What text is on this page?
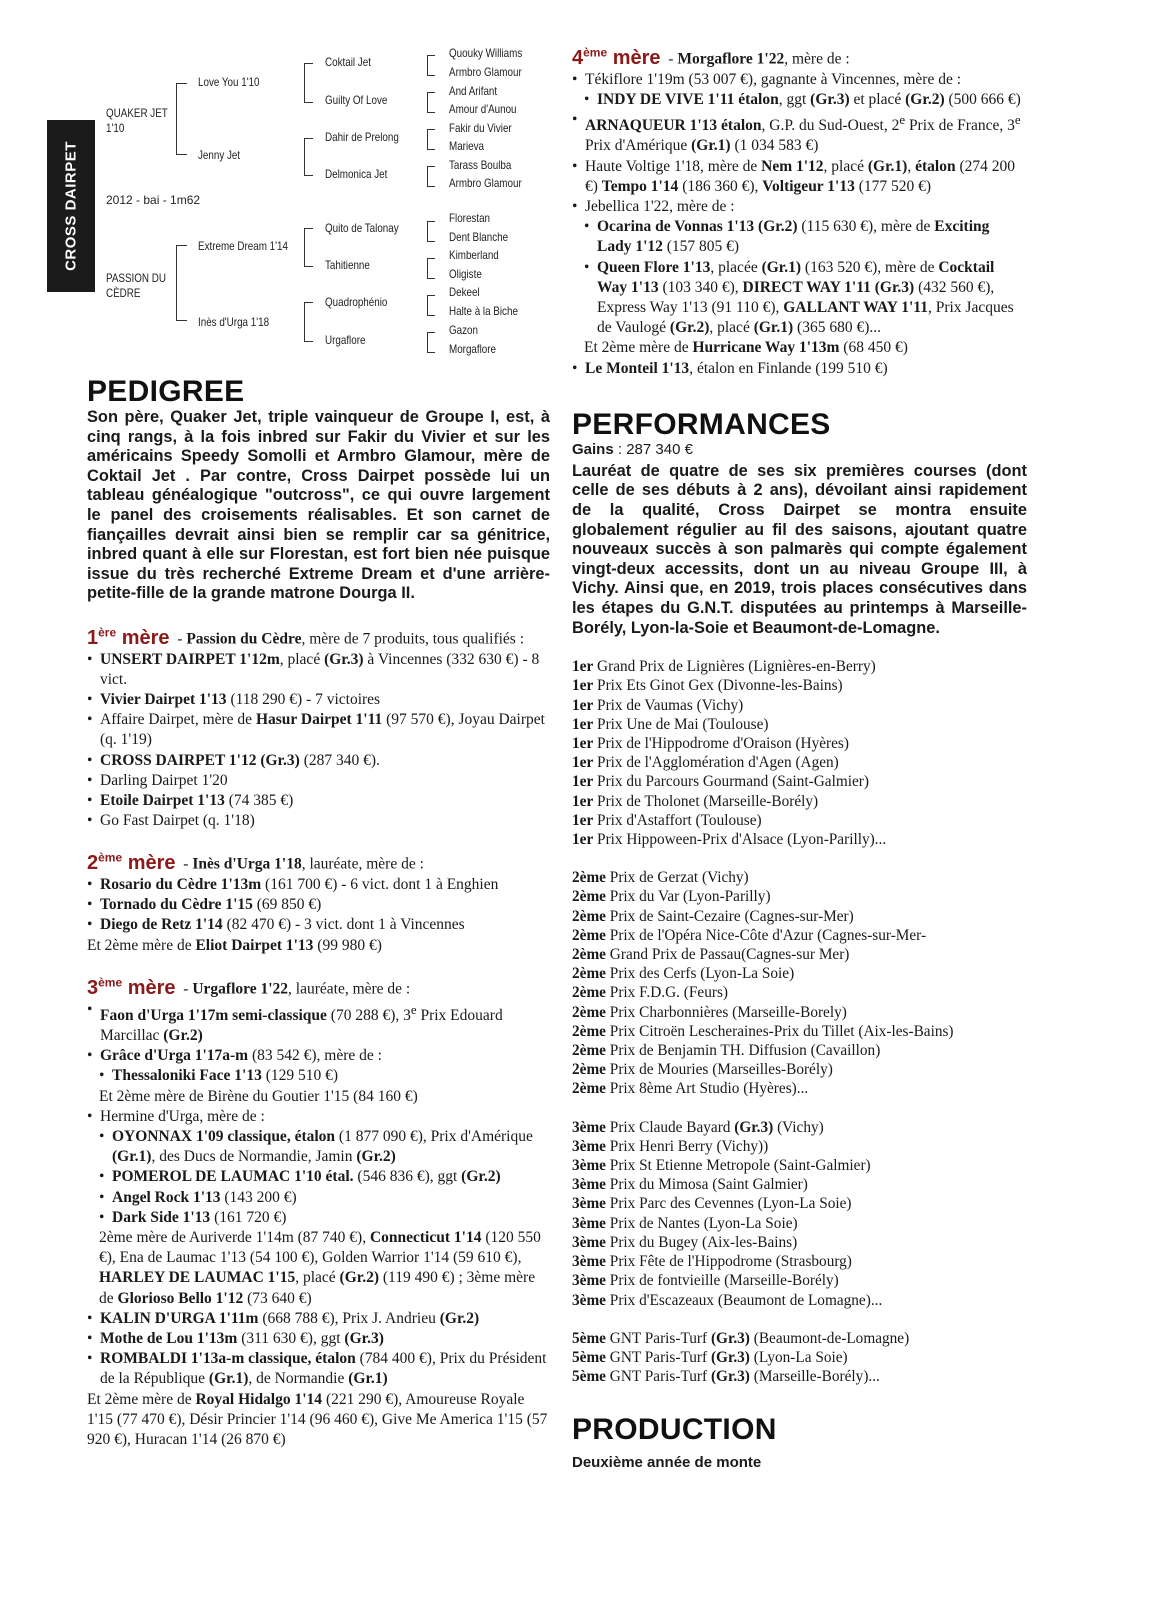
CROSS DAIRPET
QUAKER JET
1'10
2012 - bai - 1m62
PASSION DU
CÈDRE
Love You 1'10
Jenny Jet
Extreme Dream 1'14
Inès d'Urga 1'18
Coktail Jet
Guilty Of Love
Dahir de Prelong
Delmonica Jet
Quito de Talonay
Tahitienne
Quadrophénio
Urgaflore
Quouky Williams
Armbro Glamour
And Arifant
Amour d'Aunou
Fakir du Vivier
Marieva
Tarass Boulba
Armbro Glamour
Florestan
Dent Blanche
Kimberland
Oligiste
Dekeel
Halte à la Biche
Gazon
Morgaflore
PEDIGREE

Son père, Quaker Jet, triple vainqueur de Groupe I, est, à cinq rangs, à la fois inbred sur Fakir du Vivier et sur les américains Speedy Somolli et Armbro Glamour, mère de Coktail Jet . Par contre, Cross Dairpet possède lui un tableau généalogique "outcross", ce qui ouvre largement le panel des croisements réalisables. Et son carnet de fiançailles devrait ainsi bien se remplir car sa génitrice, inbred quant à elle sur Florestan, est fort bien née puisque issue du très recherché Extreme Dream et d'une arrière-petite-fille de la grande matrone Dourga II.

1ère mère  - Passion du Cèdre, mère de 7 produits, tous qualifiés :

• UNSERT DAIRPET 1'12m, placé (Gr.3) à Vincennes (332 630 €) - 8 vict.
• Vivier Dairpet 1'13 (118 290 €) - 7 victoires
• Affaire Dairpet, mère de Hasur Dairpet 1'11 (97 570 €), Joyau Dairpet (q. 1'19)
• CROSS DAIRPET 1'12 (Gr.3) (287 340 €).
• Darling Dairpet 1'20
• Etoile Dairpet 1'13 (74 385 €)
• Go Fast Dairpet (q. 1'18)

2ème mère  - Inès d'Urga 1'18, lauréate, mère de :

• Rosario du Cèdre 1'13m (161 700 €) - 6 vict. dont 1 à Enghien
• Tornado du Cèdre 1'15 (69 850 €)
• Diego de Retz 1'14 (82 470 €) - 3 vict. dont 1 à Vincennes
Et 2ème mère de Eliot Dairpet 1'13 (99 980 €)

3ème mère  - Urgaflore 1'22, lauréate, mère de :

• Faon d'Urga 1'17m semi-classique (70 288 €), 3e Prix Edouard Marcillac (Gr.2)
• Grâce d'Urga 1'17a-m (83 542 €), mère de :
• Thessaloniki Face 1'13 (129 510 €)
Et 2ème mère de Birène du Goutier 1'15 (84 160 €)
• Hermine d'Urga, mère de :
• OYONNAX 1'09 classique, étalon (1 877 090 €), Prix d'Amérique (Gr.1), des Ducs de Normandie, Jamin (Gr.2)
• POMEROL DE LAUMAC 1'10 étal. (546 836 €), ggt (Gr.2)
• Angel Rock 1'13 (143 200 €)
• Dark Side 1'13 (161 720 €)
2ème mère de Auriverde 1'14m (87 740 €), Connecticut 1'14 (120 550 €), Ena de Laumac 1'13 (54 100 €), Golden Warrior 1'14 (59 610 €), HARLEY DE LAUMAC 1'15, placé (Gr.2) (119 490 €) ; 3ème mère de Glorioso Bello 1'12 (73 640 €)
• KALIN D'URGA 1'11m (668 788 €), Prix J. Andrieu (Gr.2)
• Mothe de Lou 1'13m (311 630 €), ggt (Gr.3)
• ROMBALDI 1'13a-m classique, étalon (784 400 €), Prix du Président de la République (Gr.1), de Normandie (Gr.1)
Et 2ème mère de Royal Hidalgo 1'14 (221 290 €), Amoureuse Royale 1'15 (77 470 €), Désir Princier 1'14 (96 460 €), Give Me America 1'15 (57 920 €), Huracan 1'14 (26 870 €)

4ème mère  - Morgaflore 1'22, mère de :

• Tékiflore 1'19m (53 007 €), gagnante à Vincennes, mère de :
• INDY DE VIVE 1'11 étalon, ggt (Gr.3) et placé (Gr.2) (500 666 €)
• ARNAQUEUR 1'13 étalon, G.P. du Sud-Ouest, 2e Prix de France, 3e Prix d'Amérique (Gr.1) (1 034 583 €)
• Haute Voltige 1'18, mère de Nem 1'12, placé (Gr.1), étalon (274 200 €) Tempo 1'14 (186 360 €), Voltigeur 1'13 (177 520 €)
• Jebellica 1'22, mère de :
• Ocarina de Vonnas 1'13 (Gr.2) (115 630 €), mère de Exciting Lady 1'12 (157 805 €)
• Queen Flore 1'13, placée (Gr.1) (163 520 €), mère de Cocktail Way 1'13 (103 340 €), DIRECT WAY 1'11 (Gr.3) (432 560 €), Express Way 1'13 (91 110 €), GALLANT WAY 1'11, Prix Jacques de Vaulogé (Gr.2), placé (Gr.1) (365 680 €)...
Et 2ème mère de Hurricane Way 1'13m (68 450 €)
• Le Monteil 1'13, étalon en Finlande (199 510 €)
PERFORMANCES

Gains : 287 340 €

Lauréat de quatre de ses six premières courses (dont celle de ses débuts à 2 ans), dévoilant ainsi rapidement de la qualité, Cross Dairpet se montra ensuite globalement régulier au fil des saisons, ajoutant quatre nouveaux succès à son palmarès qui compte également vingt-deux accessits, dont un au niveau Groupe III, à Vichy. Ainsi que, en 2019, trois places consécutives dans les étapes du G.N.T. disputées au printemps à Marseille-Borély, Lyon-la-Soie et Beaumont-de-Lomagne.

1er Grand Prix de Lignières (Lignières-en-Berry)
1er Prix Ets Ginot Gex (Divonne-les-Bains)
1er Prix de Vaumas (Vichy)
1er Prix Une de Mai (Toulouse)
1er Prix de l'Hippodrome d'Oraison (Hyères)
1er Prix de l'Agglomération d'Agen (Agen)
1er Prix du Parcours Gourmand (Saint-Galmier)
1er Prix de Tholonet (Marseille-Borély)
1er Prix d'Astaffort (Toulouse)
1er Prix Hippoween-Prix d'Alsace (Lyon-Parilly)...
2ème Prix de Gerzat (Vichy)
2ème Prix du Var (Lyon-Parilly)
2ème Prix de Saint-Cezaire (Cagnes-sur-Mer)
2ème Prix de l'Opéra Nice-Côte d'Azur (Cagnes-sur-Mer-
2ème Grand Prix de Passau(Cagnes-sur Mer)
2ème Prix des Cerfs (Lyon-La Soie)
2ème Prix F.D.G. (Feurs)
2ème Prix Charbonnières (Marseille-Borely)
2ème Prix Citroën Lescheraines-Prix du Tillet (Aix-les-Bains)
2ème Prix de Benjamin TH. Diffusion (Cavaillon)
2ème Prix de Mouries (Marseilles-Borély)
2ème Prix 8ème Art Studio (Hyères)...
3ème Prix Claude Bayard (Gr.3) (Vichy)
3ème Prix Henri Berry (Vichy))
3ème Prix St Etienne Metropole (Saint-Galmier)
3ème Prix du Mimosa (Saint Galmier)
3ème Prix Parc des Cevennes (Lyon-La Soie)
3ème Prix de Nantes (Lyon-La Soie)
3ème Prix du Bugey (Aix-les-Bains)
3ème Prix Fête de l'Hippodrome (Strasbourg)
3ème Prix de fontvieille (Marseille-Borély)
3ème Prix d'Escazeaux (Beaumont de Lomagne)...
5ème GNT Paris-Turf (Gr.3) (Beaumont-de-Lomagne)
5ème GNT Paris-Turf (Gr.3) (Lyon-La Soie)
5ème GNT Paris-Turf (Gr.3) (Marseille-Borély)...
PRODUCTION

Deuxième année de monte
